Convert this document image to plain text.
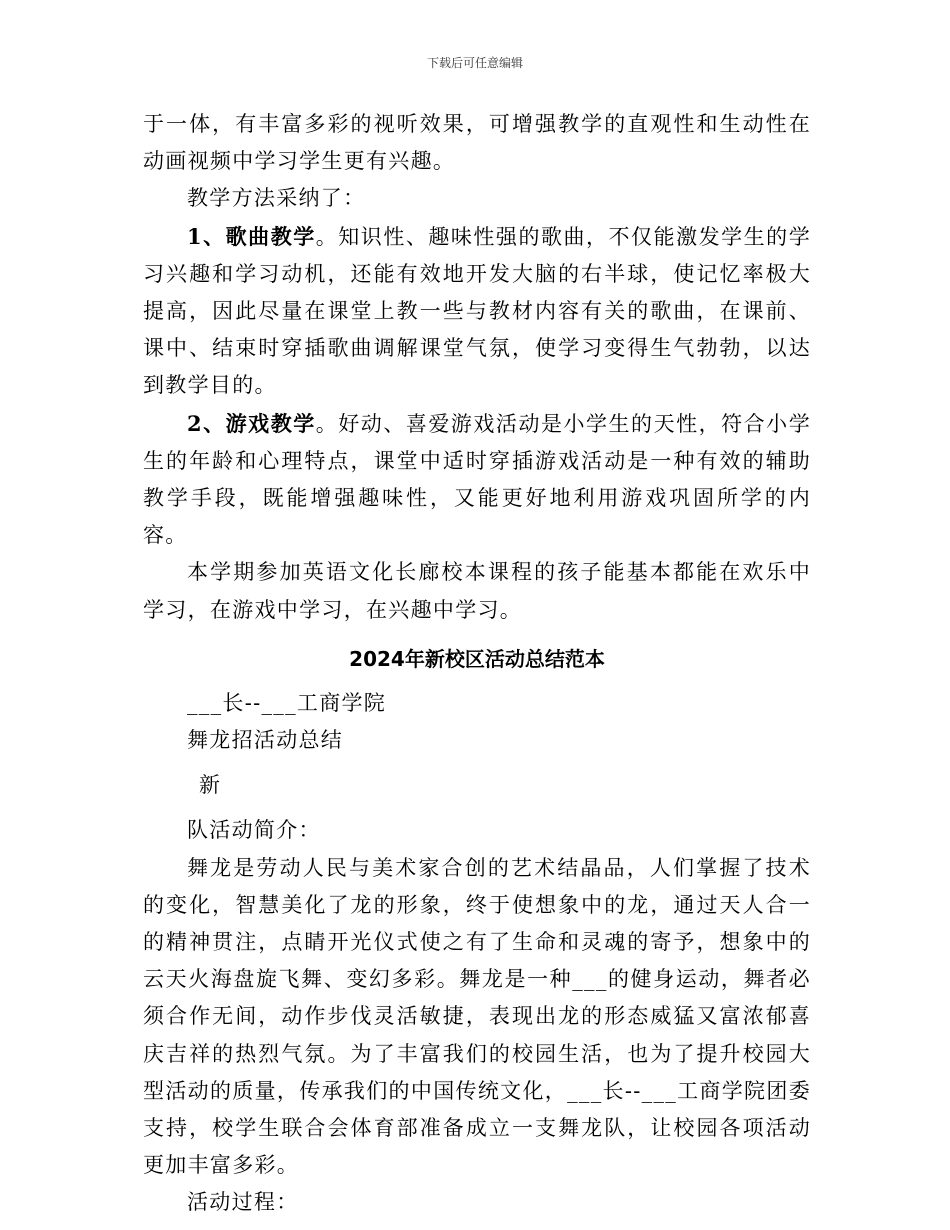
下载后可任意编辑

于一体，有丰富多彩的视听效果，可增强教学的直观性和生动性在动画视频中学习学生更有兴趣。

教学方法采纳了：

1、歌曲教学。知识性、趣味性强的歌曲，不仅能激发学生的学习兴趣和学习动机，还能有效地开发大脑的右半球，使记忆率极大提高，因此尽量在课堂上教一些与教材内容有关的歌曲，在课前、课中、结束时穿插歌曲调解课堂气氛，使学习变得生气勃勃，以达到教学目的。

2、游戏教学。好动、喜爱游戏活动是小学生的天性，符合小学生的年龄和心理特点，课堂中适时穿插游戏活动是一种有效的辅助教学手段，既能增强趣味性，又能更好地利用游戏巩固所学的内容。

本学期参加英语文化长廊校本课程的孩子能基本都能在欢乐中学习，在游戏中学习，在兴趣中学习。

2024年新校区活动总结范本

___长--___工商学院

舞龙招活动总结

新

队活动简介：

舞龙是劳动人民与美术家合创的艺术结晶品，人们掌握了技术的变化，智慧美化了龙的形象，终于使想象中的龙，通过天人合一的精神贯注，点睛开光仪式使之有了生命和灵魂的寄予，想象中的云天火海盘旋飞舞、变幻多彩。舞龙是一种___的健身运动，舞者必须合作无间，动作步伐灵活敏捷，表现出龙的形态威猛又富浓郁喜庆吉祥的热烈气氛。为了丰富我们的校园生活，也为了提升校园大型活动的质量，传承我们的中国传统文化，___长--___工商学院团委支持，校学生联合会体育部准备成立一支舞龙队，让校园各项活动更加丰富多彩。

活动过程：
